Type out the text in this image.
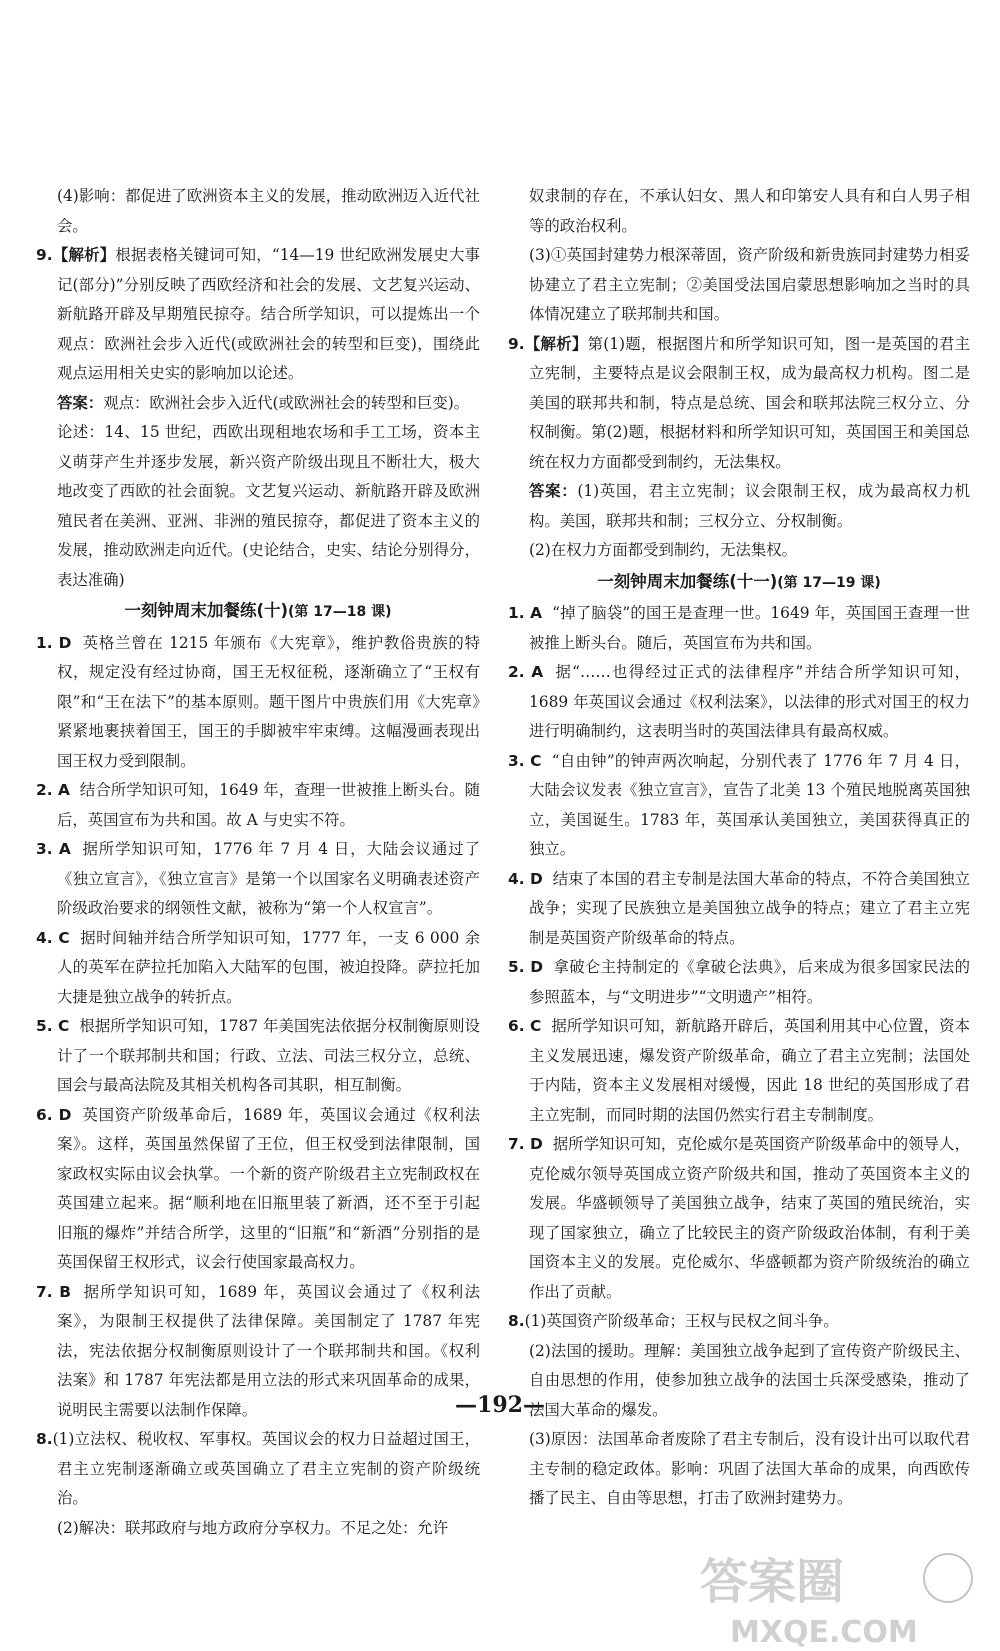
(4)影响：都促进了欧洲资本主义的发展，推动欧洲迈入近代社会。

9.【解析】根据表格关键词可知，“14—19 世纪欧洲发展史大事记(部分)”分别反映了西欧经济和社会的发展、文艺复兴运动、新航路开辟及早期殖民掠夺。结合所学知识，可以提炼出一个观点：欧洲社会步入近代(或欧洲社会的转型和巨变)，围绕此观点运用相关史实的影响加以论述。

答案：观点：欧洲社会步入近代(或欧洲社会的转型和巨变)。

论述：14、15 世纪，西欧出现租地农场和手工工场，资本主义萌芽产生并逐步发展，新兴资产阶级出现且不断壮大，极大地改变了西欧的社会面貌。文艺复兴运动、新航路开辟及欧洲殖民者在美洲、亚洲、非洲的殖民掠夺，都促进了资本主义的发展，推动欧洲走向近代。(史论结合，史实、结论分别得分，表达准确)

一刻钟周末加餐练(十)(第 17—18 课)

1. D 英格兰曾在 1215 年颁布《大宪章》，维护教俗贵族的特权，规定没有经过协商，国王无权征税，逐渐确立了“王权有限”和“王在法下”的基本原则。题干图片中贵族们用《大宪章》紧紧地裹挟着国王，国王的手脚被牢牢束缚。这幅漫画表现出国王权力受到限制。

2. A 结合所学知识可知，1649 年，查理一世被推上断头台。随后，英国宣布为共和国。故 A 与史实不符。

3. A 据所学知识可知，1776 年 7 月 4 日，大陆会议通过了《独立宣言》，《独立宣言》是第一个以国家名义明确表述资产阶级政治要求的纲领性文献，被称为“第一个人权宣言”。

4. C 据时间轴并结合所学知识可知，1777 年，一支 6 000 余人的英军在萨拉托加陷入大陆军的包围，被迫投降。萨拉托加大捷是独立战争的转折点。

5. C 根据所学知识可知，1787 年美国宪法依据分权制衡原则设计了一个联邦制共和国；行政、立法、司法三权分立，总统、国会与最高法院及其相关机构各司其职，相互制衡。

6. D 英国资产阶级革命后，1689 年，英国议会通过《权利法案》。这样，英国虽然保留了王位，但王权受到法律限制，国家政权实际由议会执掌。一个新的资产阶级君主立宪制政权在英国建立起来。据“顺利地在旧瓶里装了新酒，还不至于引起旧瓶的爆炸”并结合所学，这里的“旧瓶”和“新酒”分别指的是英国保留王权形式，议会行使国家最高权力。

7. B 据所学知识可知，1689 年，英国议会通过了《权利法案》，为限制王权提供了法律保障。美国制定了 1787 年宪法，宪法依据分权制衡原则设计了一个联邦制共和国。《权利法案》和 1787 年宪法都是用立法的形式来巩固革命的成果，说明民主需要以法制作保障。

8.(1)立法权、税收权、军事权。英国议会的权力日益超过国王，君主立宪制逐渐确立或英国确立了君主立宪制的资产阶级统治。

(2)解决：联邦政府与地方政府分享权力。不足之处：允许

奴隶制的存在，不承认妇女、黑人和印第安人具有和白人男子相等的政治权利。

(3)①英国封建势力根深蒂固，资产阶级和新贵族同封建势力相妥协建立了君主立宪制；②美国受法国启蒙思想影响加之当时的具体情况建立了联邦制共和国。

9.【解析】第(1)题，根据图片和所学知识可知，图一是英国的君主立宪制，主要特点是议会限制王权，成为最高权力机构。图二是美国的联邦共和制，特点是总统、国会和联邦法院三权分立、分权制衡。第(2)题，根据材料和所学知识可知，英国国王和美国总统在权力方面都受到制约，无法集权。

答案：(1)英国，君主立宪制；议会限制王权，成为最高权力机构。美国，联邦共和制；三权分立、分权制衡。

(2)在权力方面都受到制约，无法集权。

一刻钟周末加餐练(十一)(第 17—19 课)

1. A “掉了脑袋”的国王是查理一世。1649 年，英国国王查理一世被推上断头台。随后，英国宣布为共和国。

2. A 据“……也得经过正式的法律程序”并结合所学知识可知，1689 年英国议会通过《权利法案》，以法律的形式对国王的权力进行明确制约，这表明当时的英国法律具有最高权威。

3. C “自由钟”的钟声两次响起，分别代表了 1776 年 7 月 4 日，大陆会议发表《独立宣言》，宣告了北美 13 个殖民地脱离英国独立，美国诞生。1783 年，英国承认美国独立，美国获得真正的独立。

4. D 结束了本国的君主专制是法国大革命的特点，不符合美国独立战争；实现了民族独立是美国独立战争的特点；建立了君主立宪制是英国资产阶级革命的特点。

5. D 拿破仑主持制定的《拿破仑法典》，后来成为很多国家民法的参照蓝本，与“文明进步”“文明遗产”相符。

6. C 据所学知识可知，新航路开辟后，英国利用其中心位置，资本主义发展迅速，爆发资产阶级革命，确立了君主立宪制；法国处于内陆，资本主义发展相对缓慢，因此 18 世纪的英国形成了君主立宪制，而同时期的法国仍然实行君主专制制度。

7. D 据所学知识可知，克伦威尔是英国资产阶级革命中的领导人，克伦威尔领导英国成立资产阶级共和国，推动了英国资本主义的发展。华盛顿领导了美国独立战争，结束了英国的殖民统治，实现了国家独立，确立了比较民主的资产阶级政治体制，有利于美国资本主义的发展。克伦威尔、华盛顿都为资产阶级统治的确立作出了贡献。

8.(1)英国资产阶级革命；王权与民权之间斗争。

(2)法国的援助。理解：美国独立战争起到了宣传资产阶级民主、自由思想的作用，使参加独立战争的法国士兵深受感染，推动了法国大革命的爆发。

(3)原因：法国革命者废除了君主专制后，没有设计出可以取代君主专制的稳定政体。影响：巩固了法国大革命的成果，向西欧传播了民主、自由等思想，打击了欧洲封建势力。

—192—
答案圈
MXQE.COM
